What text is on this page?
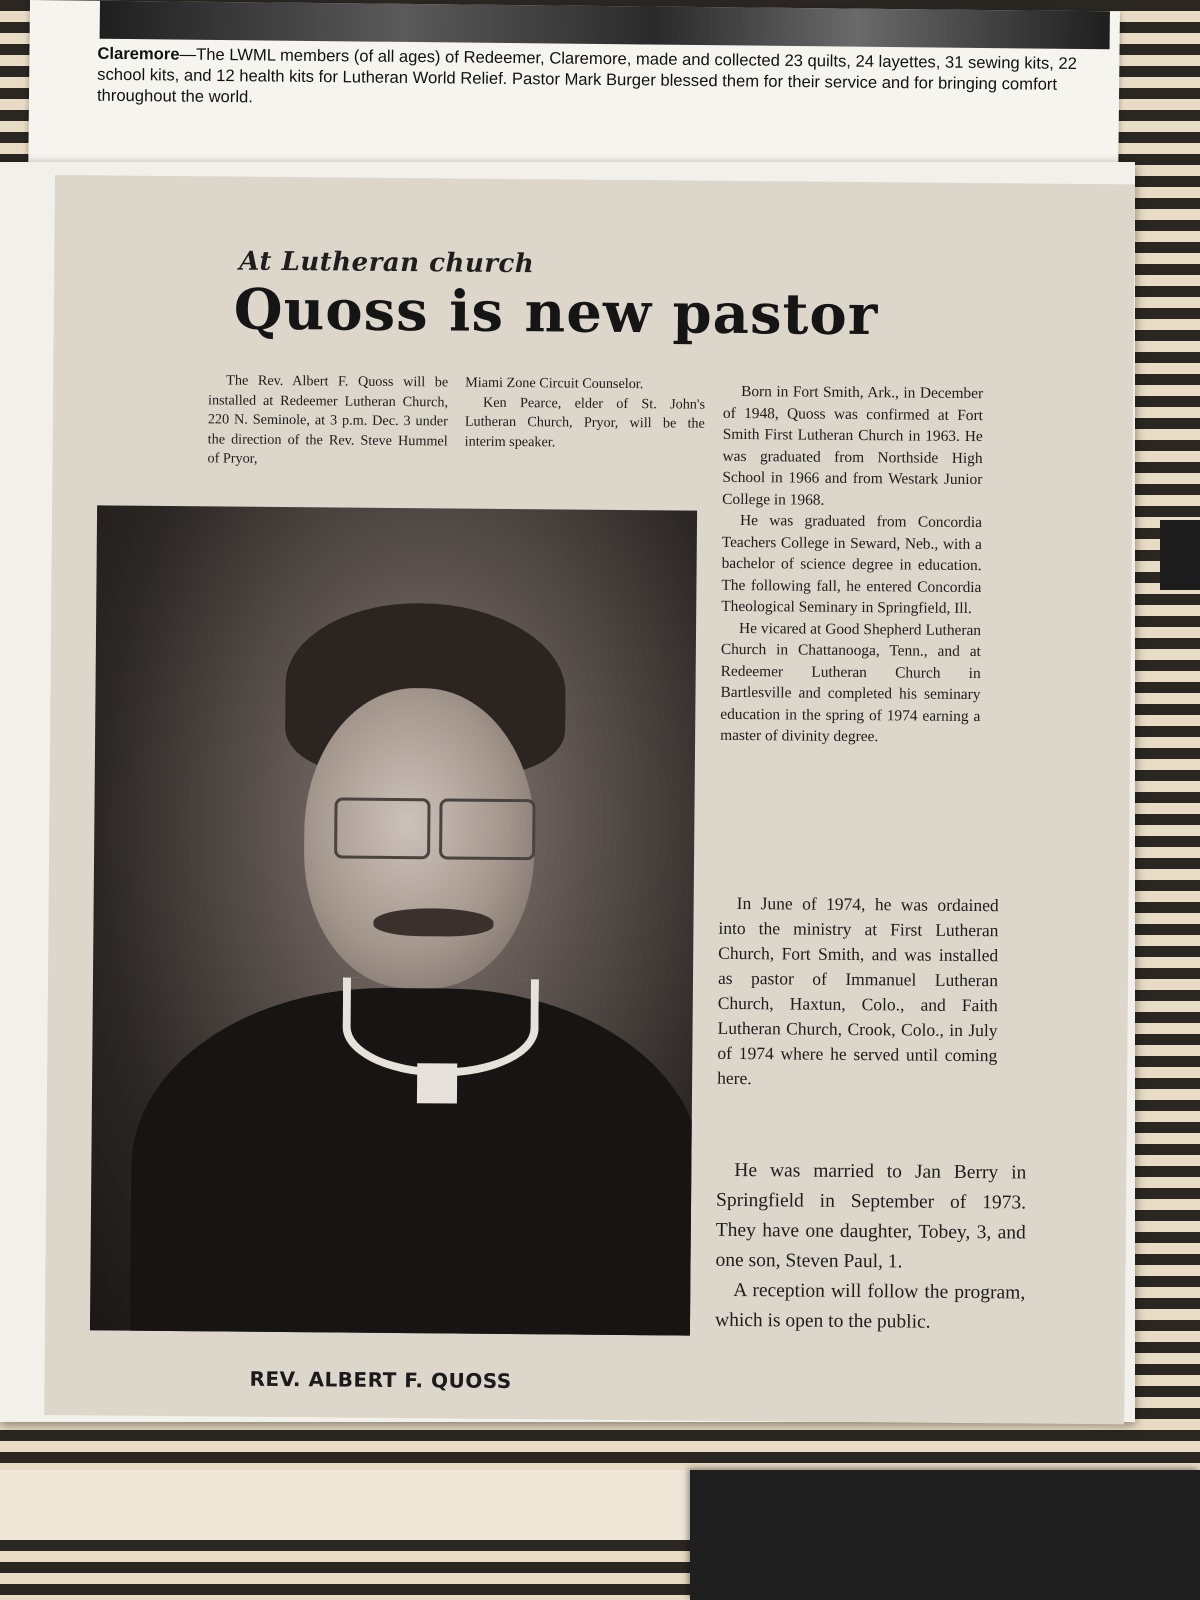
Claremore—The LWML members (of all ages) of Redeemer, Claremore, made and collected 23 quilts, 24 layettes, 31 sewing kits, 22 school kits, and 12 health kits for Lutheran World Relief. Pastor Mark Burger blessed them for their service and for bringing comfort throughout the world.
At Lutheran church
Quoss is new pastor

The Rev. Albert F. Quoss will be installed at Redeemer Lutheran Church, 220 N. Seminole, at 3 p.m. Dec. 3 under the direction of the Rev. Steve Hummel of Pryor,

Miami Zone Circuit Counselor.

Ken Pearce, elder of St. John's Lutheran Church, Pryor, will be the interim speaker.

Born in Fort Smith, Ark., in December of 1948, Quoss was confirmed at Fort Smith First Lutheran Church in 1963. He was graduated from Northside High School in 1966 and from Westark Junior College in 1968.

He was graduated from Concordia Teachers College in Seward, Neb., with a bachelor of science degree in education. The following fall, he entered Concordia Theological Seminary in Springfield, Ill.

He vicared at Good Shepherd Lutheran Church in Chattanooga, Tenn., and at Redeemer Lutheran Church in Bartlesville and completed his seminary education in the spring of 1974 earning a master of divinity degree.

In June of 1974, he was ordained into the ministry at First Lutheran Church, Fort Smith, and was installed as pastor of Immanuel Lutheran Church, Haxtun, Colo., and Faith Lutheran Church, Crook, Colo., in July of 1974 where he served until coming here.

He was married to Jan Berry in Springfield in September of 1973. They have one daughter, Tobey, 3, and one son, Steven Paul, 1.

A reception will follow the program, which is open to the public.

REV. ALBERT F. QUOSS
